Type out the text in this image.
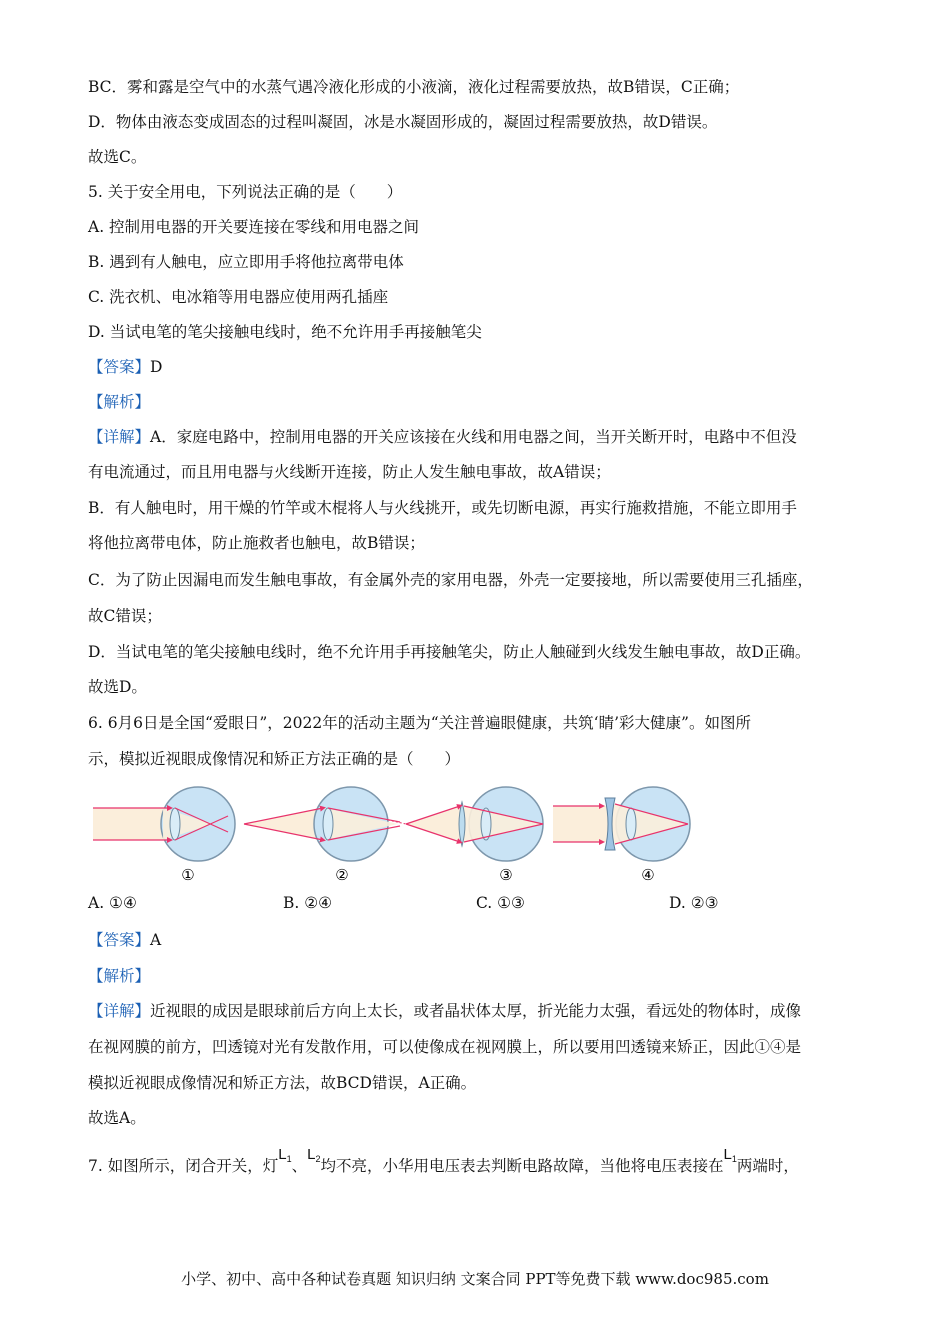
BC．雾和露是空气中的水蒸气遇冷液化形成的小液滴，液化过程需要放热，故B错误，C正确；
D．物体由液态变成固态的过程叫凝固，冰是水凝固形成的，凝固过程需要放热，故D错误。
故选C。
5. 关于安全用电，下列说法正确的是（　　）
A. 控制用电器的开关要连接在零线和用电器之间
B. 遇到有人触电，应立即用手将他拉离带电体
C. 洗衣机、电冰箱等用电器应使用两孔插座
D. 当试电笔的笔尖接触电线时，绝不允许用手再接触笔尖
【答案】D
【解析】
【详解】A．家庭电路中，控制用电器的开关应该接在火线和用电器之间，当开关断开时，电路中不但没
有电流通过，而且用电器与火线断开连接，防止人发生触电事故，故A错误；
B．有人触电时，用干燥的竹竿或木棍将人与火线挑开，或先切断电源，再实行施救措施，不能立即用手
将他拉离带电体，防止施救者也触电，故B错误；
C．为了防止因漏电而发生触电事故，有金属外壳的家用电器，外壳一定要接地，所以需要使用三孔插座，
故C错误；
D．当试电笔的笔尖接触电线时，绝不允许用手再接触笔尖，防止人触碰到火线发生触电事故，故D正确。
故选D。
6. 6月6日是全国“爱眼日”，2022年的活动主题为“关注普遍眼健康，共筑‘睛’彩大健康”。如图所
示，模拟近视眼成像情况和矫正方法正确的是（　　）
①	②	③	④
A. ①④	B. ②④	C. ①③	D. ②③
【答案】A
【解析】
【详解】近视眼的成因是眼球前后方向上太长，或者晶状体太厚，折光能力太强，看远处的物体时，成像
在视网膜的前方，凹透镜对光有发散作用，可以使像成在视网膜上，所以要用凹透镜来矫正，因此①④是
模拟近视眼成像情况和矫正方法，故BCD错误，A正确。
故选A。
7. 如图所示，闭合开关，灯$L_1$、$L_2$均不亮，小华用电压表去判断电路故障，当他将电压表接在$L_1$两端时，
小学、初中、高中各种试卷真题 知识归纳 文案合同 PPT等免费下载 www.doc985.com
